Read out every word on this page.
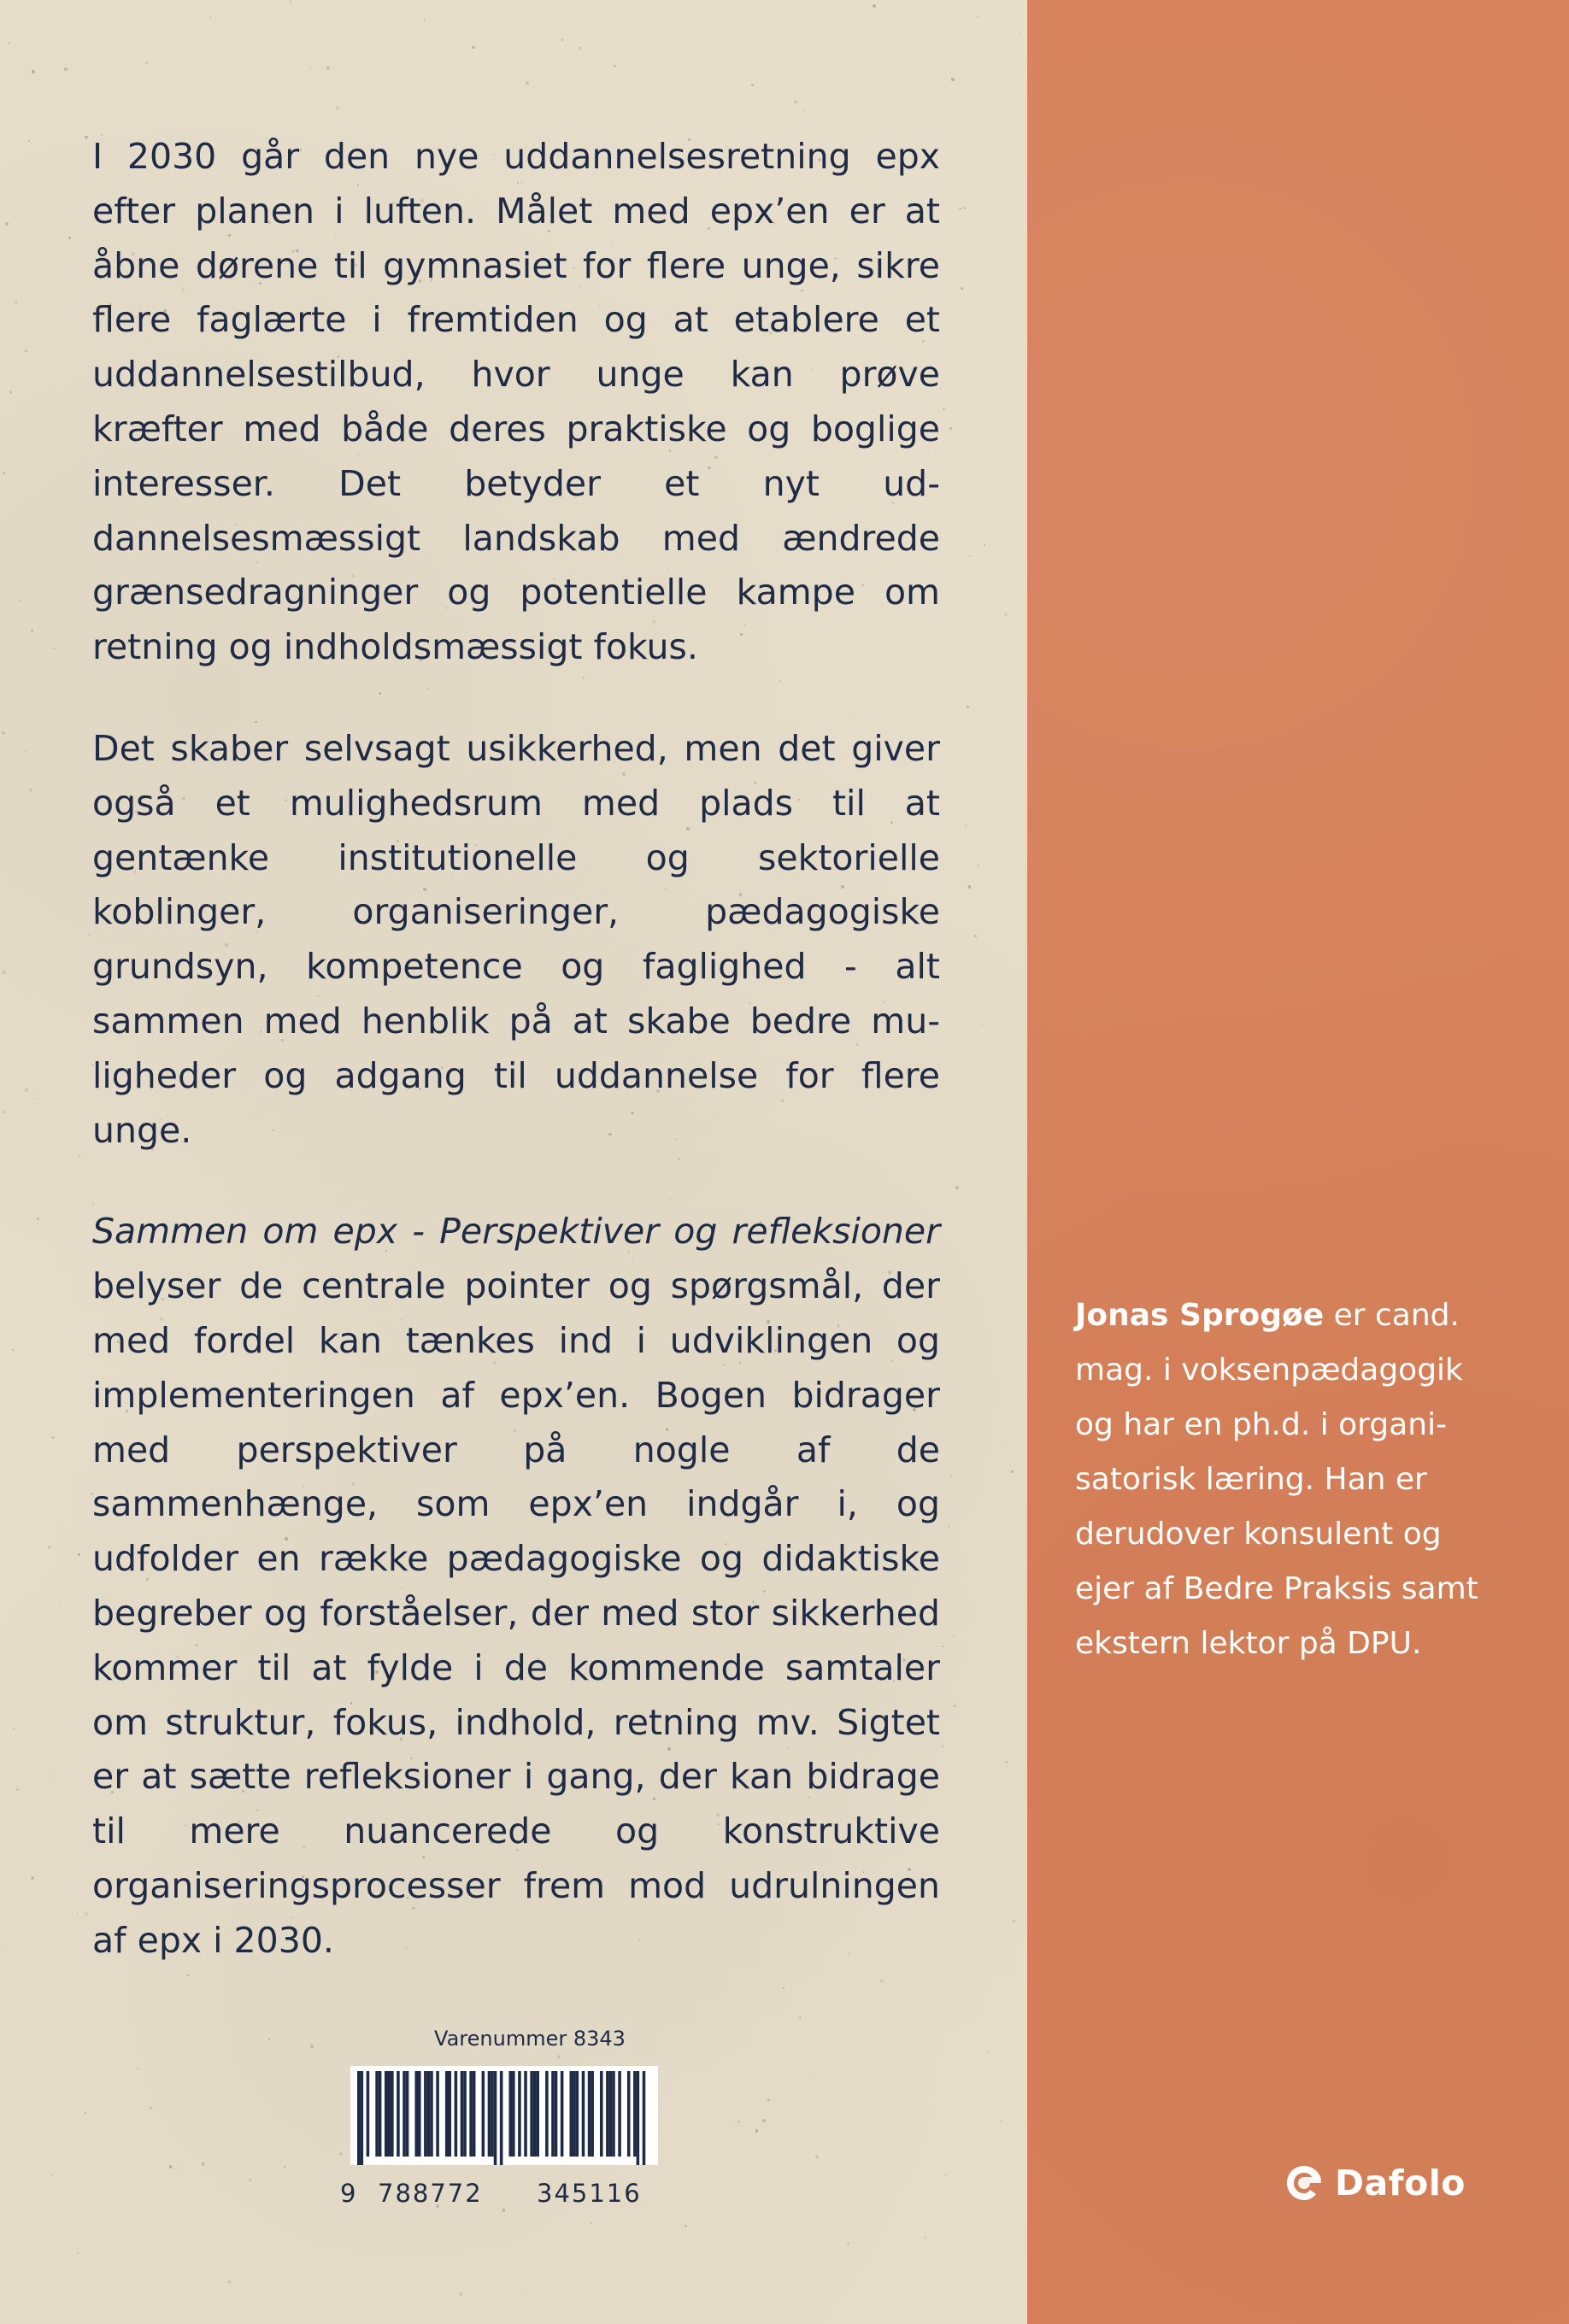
I 2030 går den nye uddannelsesretning epx efter planen i luften. Målet med epx’en er at åbne dørene til gymnasiet for flere unge, sikre flere faglærte i fremtiden og at etablere et uddannelsestilbud, hvor unge kan prøve kræfter med både deres praktiske og boglige interesser. Det betyder et nyt uddannelsesmæssigt landskab med ændrede grænsedragninger og potentielle kampe om retning og indholdsmæssigt fokus.

Det skaber selvsagt usikkerhed, men det giver også et mulighedsrum med plads til at gentænke institutionelle og sektorielle koblinger, organiseringer, pædagogiske grundsyn, kompetence og faglighed - alt sammen med henblik på at skabe bedre muligheder og adgang til uddannelse for flere unge.

Sammen om epx - Perspektiver og refleksioner belyser de centrale pointer og spørgsmål, der med fordel kan tænkes ind i udviklingen og implementeringen af epx’en. Bogen bidrager med perspektiver på nogle af de sammenhænge, som epx’en indgår i, og udfolder en række pædagogiske og didaktiske begreber og forståelser, der med stor sikkerhed kommer til at fylde i de kommende samtaler om struktur, fokus, indhold, retning mv. Sigtet er at sætte refleksioner i gang, der kan bidrage til mere nuancerede og konstruktive organiseringsprocesser frem mod udrulningen af epx i 2030.

Varenummer 8343
9 788772 345116

Jonas Sprogøe er cand.
mag. i voksenpædagogik
og har en ph.d. i organi-
satorisk læring. Han er
derudover konsulent og
ejer af Bedre Praksis samt
ekstern lektor på DPU.

Dafolo
